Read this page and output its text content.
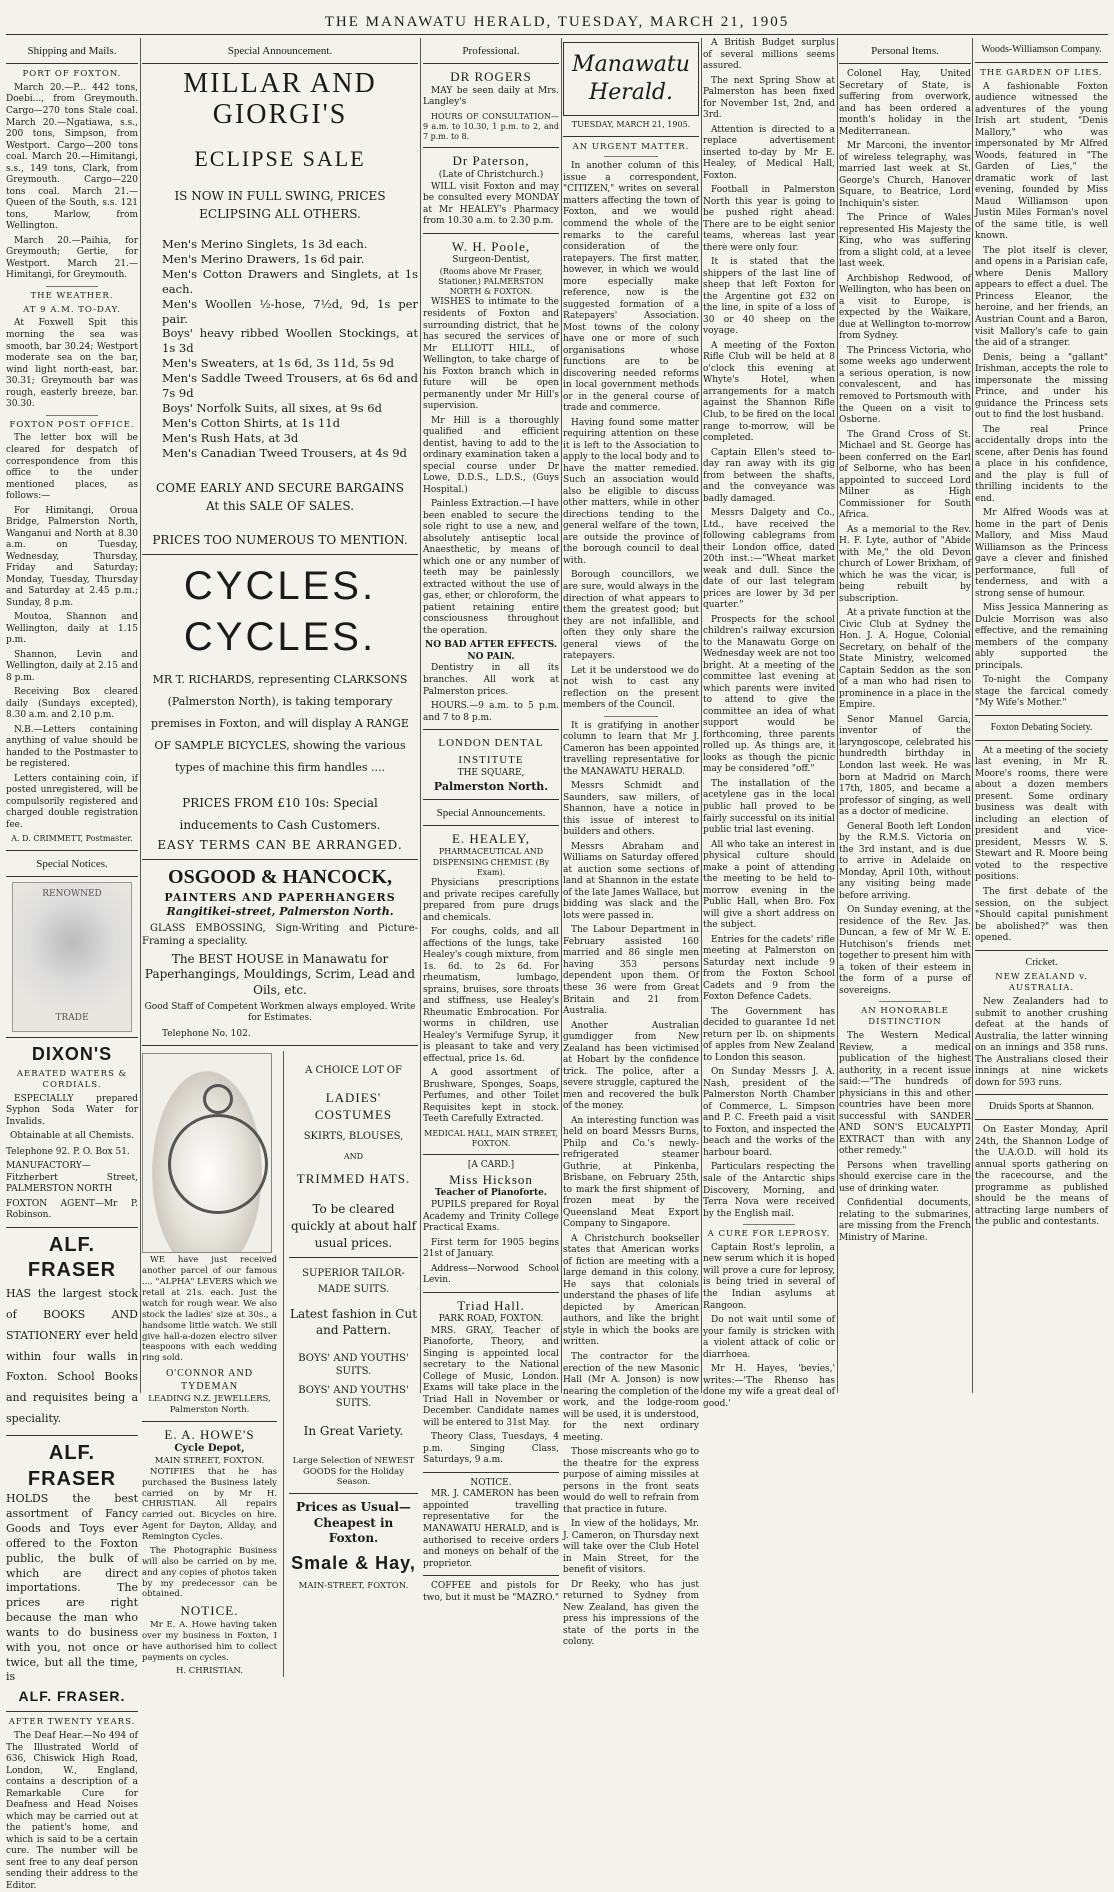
THE MANAWATU HERALD, TUESDAY, MARCH 21, 1905
Shipping and Mails.
PORT OF FOXTON.

March 20.—P... 442 tons, Doebi..., from Greymouth. Cargo—270 tons Stale coal. March 20.—Ngatiawa, s.s., 200 tons, Simpson, from Westport. Cargo—200 tons coal. March 20.—Himitangi, s.s., 149 tons, Clark, from Greymouth. Cargo—220 tons coal. March 21.—Queen of the South, s.s. 121 tons, Marlow, from Wellington.

March 20.—Paihia, for Greymouth; Gertie, for Westport. March 21.—Himitangi, for Greymouth.

THE WEATHER.
AT 9 A.M. TO-DAY.

At Foxwell Spit this morning the sea was smooth, bar 30.24; Westport moderate sea on the bar, wind light north-east, bar. 30.31; Greymouth bar was rough, easterly breeze, bar. 30.30.

FOXTON POST OFFICE.

The letter box will be cleared for despatch of correspondence from this office to the under mentioned places, as follows:—

For Himitangi, Oroua Bridge, Palmerston North, Wanganui and North at 8.30 a.m. on Tuesday, Wednesday, Thursday, Friday and Saturday; Monday, Tuesday, Thursday and Saturday at 2.45 p.m.; Sunday, 8 p.m.

Moutoa, Shannon and Wellington, daily at 1.15 p.m.

Shannon, Levin and Wellington, daily at 2.15 and 8 p.m.

Receiving Box cleared daily (Sundays excepted), 8.30 a.m. and 2.10 p.m.

N.B.—Letters containing anything of value should be handed to the Postmaster to be registered.

Letters containing coin, if posted unregistered, will be compulsorily registered and charged double registration fee.

A. D. CRIMMETT, Postmaster.
Special Notices.
RENOWNED
TRADE
DIXON'S
AERATED WATERS & CORDIALS.

ESPECIALLY prepared Syphon Soda Water for Invalids.

Obtainable at all Chemists.
Telephone 92. P. O. Box 51.
MANUFACTORY—Fitzherbert Street, PALMERSTON NORTH
FOXTON AGENT—Mr P. Robinson.
ALF. FRASER

HAS the largest stock of BOOKS AND STATIONERY ever held within four walls in Foxton. School Books and requisites being a speciality.

ALF. FRASER

HOLDS the best assortment of Fancy Goods and Toys ever offered to the Foxton public, the bulk of which are direct importations. The prices are right because the man who wants to do business with you, not once or twice, but all the time, is

ALF. FRASER.
AFTER TWENTY YEARS.

The Deaf Hear.—No 494 of The Illustrated World of 636, Chiswick High Road, London, W., England, contains a description of a Remarkable Cure for Deafness and Head Noises which may be carried out at the patient's home, and which is said to be a certain cure. The number will be sent free to any deaf person sending their address to the Editor.

Special Announcement.
MILLAR AND GIORGI'S
ECLIPSE SALE
IS NOW IN FULL SWING, PRICES ECLIPSING ALL OTHERS.
Men's Merino Singlets, 1s 3d each.
Men's Merino Drawers, 1s 6d pair.
Men's Cotton Drawers and Singlets, at 1s each.
Men's Woollen ½-hose, 7½d, 9d, 1s per pair.
Boys' heavy ribbed Woollen Stockings, at 1s 3d
Men's Sweaters, at 1s 6d, 3s 11d, 5s 9d
Men's Saddle Tweed Trousers, at 6s 6d and 7s 9d
Boys' Norfolk Suits, all sixes, at 9s 6d
Men's Cotton Shirts, at 1s 11d
Men's Rush Hats, at 3d
Men's Canadian Tweed Trousers, at 4s 9d
COME EARLY AND SECURE BARGAINS
At this SALE OF SALES.
PRICES TOO NUMEROUS TO MENTION.
CYCLES. CYCLES.
MR T. RICHARDS, representing CLARKSONS (Palmerston North), is taking temporary premises in Foxton, and will display A RANGE OF SAMPLE BICYCLES, showing the various types of machine this firm handles ....
PRICES FROM £10 10s: Special inducements to Cash Customers.
EASY TERMS CAN BE ARRANGED.
OSGOOD & HANCOCK,
PAINTERS AND PAPERHANGERS
Rangitikei-street, Palmerston North.

GLASS EMBOSSING, Sign-Writing and Picture-Framing a speciality.

The BEST HOUSE in Manawatu for Paperhangings, Mouldings, Scrim, Lead and Oils, etc.
Good Staff of Competent Workmen always employed. Write for Estimates.
Telephone No. 102.

WE have just received another parcel of our famous .... "ALPHA" LEVERS which we retail at 21s. each. Just the watch for rough wear. We also stock the ladies' size at 30s., a handsome little watch. We still give hall-a-dozen electro silver teaspoons with each wedding ring sold.

O'CONNOR AND TYDEMAN
LEADING N.Z. JEWELLERS, Palmerston North.
E. A. HOWE'S
Cycle Depot,
MAIN STREET, FOXTON.

NOTIFIES that he has purchased the Business lately carried on by Mr H. CHRISTIAN. All repairs carried out. Bicycles on hire. Agent for Dayton, Allday, and Remington Cycles.

The Photographic Business will also be carried on by me, and any copies of photos taken by my predecessor can be obtained.

NOTICE.

Mr E. A. Howe having taken over my business in Foxton, I have authorised him to collect payments on cycles.

H. CHRISTIAN.
A CHOICE LOT OF
LADIES' COSTUMES
SKIRTS, BLOUSES,
AND
TRIMMED HATS.
To be cleared quickly at about half usual prices.
SUPERIOR TAILOR-MADE SUITS.
Latest fashion in Cut and Pattern.
BOYS' AND YOUTHS' SUITS.
BOYS' AND YOUTHS' SUITS.
In Great Variety.
Large Selection of NEWEST GOODS for the Holiday Season.
Prices as Usual—
Cheapest in Foxton.
Smale & Hay,
MAIN-STREET, FOXTON.
Professional.
DR ROGERS

MAY be seen daily at Mrs. Langley's

HOURS OF CONSULTATION—9 a.m. to 10.30, 1 p.m. to 2, and 7 p.m. to 8.

Dr Paterson,
(Late of Christchurch.)

WILL visit Foxton and may be consulted every MONDAY at Mr HEALEY's Pharmacy from 10.30 a.m. to 2.30 p.m.

W. H. Poole,
Surgeon-Dentist,
(Rooms above Mr Fraser, Stationer.) PALMERSTON NORTH & FOXTON.

WISHES to intimate to the residents of Foxton and surrounding district, that he has secured the services of Mr ELLIOTT HILL, of Wellington, to take charge of his Foxton branch which in future will be open permanently under Mr Hill's supervision.

Mr Hill is a thoroughly qualified and efficient dentist, having to add to the ordinary examination taken a special course under Dr Lowe, D.D.S., L.D.S., (Guys Hospital.)

Painless Extraction.—I have been enabled to secure the sole right to use a new, and absolutely antiseptic local Anaesthetic, by means of which one or any number of teeth may be painlessly extracted without the use of gas, ether, or chloroform, the patient retaining entire consciousness throughout the operation.

NO BAD AFTER EFFECTS. NO PAIN.

Dentistry in all its branches. All work at Palmerston prices.

HOURS.—9 a.m. to 5 p.m. and 7 to 8 p.m.

LONDON DENTAL INSTITUTE
THE SQUARE,
Palmerston North.
Special Announcements.
E. HEALEY,
PHARMACEUTICAL AND DISPENSING CHEMIST. (By Exam).

Physicians prescriptions and private recipes carefully prepared from pure drugs and chemicals.

For coughs, colds, and all affections of the lungs, take Healey's cough mixture, from 1s. 6d. to 2s 6d. For rheumatism, lumbago, sprains, bruises, sore throats and stiffness, use Healey's Rheumatic Embrocation. For worms in children, use Healey's Vermifuge Syrup, it is pleasant to take and very effectual, price 1s. 6d.

A good assortment of Brushware, Sponges, Soaps, Perfumes, and other Toilet Requisites kept in stock. Teeth Carefully Extracted.

MEDICAL HALL, MAIN STREET, FOXTON.
[A CARD.]
Miss Hickson
Teacher of Pianoforte.

PUPILS prepared for Royal Academy and Trinity College Practical Exams.

First term for 1905 begins 21st of January.

Address—Norwood School Levin.

Triad Hall.
PARK ROAD, FOXTON.

MRS. GRAY, Teacher of Pianoforte, Theory, and Singing is appointed local secretary to the National College of Music, London. Exams will take place in the Triad Hall in November or December. Candidate names will be entered to 31st May.

Theory Class, Tuesdays, 4 p.m. Singing Class, Saturdays, 9 a.m.

NOTICE.

MR. J. CAMERON has been appointed travelling representative for the MANAWATU HERALD, and is authorised to receive orders and moneys on behalf of the proprietor.

COFFEE and pistols for two, but it must be "MAZRO."

Manawatu Herald.
TUESDAY, MARCH 21, 1905.
AN URGENT MATTER.

In another column of this issue a correspondent, "CITIZEN," writes on several matters affecting the town of Foxton, and we would commend the whole of the remarks to the careful consideration of the ratepayers. The first matter, however, in which we would more especially make reference, now is the suggested formation of a Ratepayers' Association. Most towns of the colony have one or more of such organisations whose functions are to be discovering needed reforms in local government methods or in the general course of trade and commerce.

Having found some matter requiring attention on these it is left to the Association to apply to the local body and to have the matter remedied. Such an association would also be eligible to discuss other matters, while in other directions tending to the general welfare of the town, are outside the province of the borough council to deal with.

Borough councillors, we are sure, would always in the direction of what appears to them the greatest good; but they are not infallible, and often they only share the general views of the ratepayers.

Let it be understood we do not wish to cast any reflection on the present members of the Council.

It is gratifying in another column to learn that Mr J. Cameron has been appointed travelling representative for the MANAWATU HERALD.

Messrs Schmidt and Saunders, saw millers, of Shannon, have a notice in this issue of interest to builders and others.

Messrs Abraham and Williams on Saturday offered at auction some sections of land at Shannon in the estate of the late James Wallace, but bidding was slack and the lots were passed in.

The Labour Department in February assisted 160 married and 86 single men having 353 persons dependent upon them. Of these 36 were from Great Britain and 21 from Australia.

Another Australian gumdigger from New Zealand has been victimised at Hobart by the confidence trick. The police, after a severe struggle, captured the men and recovered the bulk of the money.

An interesting function was held on board Messrs Burns, Philp and Co.'s newly-refrigerated steamer Guthrie, at Pinkenba, Brisbane, on February 25th, to mark the first shipment of frozen meat by the Queensland Meat Export Company to Singapore.

A Christchurch bookseller states that American works of fiction are meeting with a large demand in this colony. He says that colonials understand the phases of life depicted by American authors, and like the bright style in which the books are written.

The contractor for the erection of the new Masonic Hall (Mr A. Jonson) is now nearing the completion of the work, and the lodge-room will be used, it is understood, for the next ordinary meeting.

Those miscreants who go to the theatre for the express purpose of aiming missiles at persons in the front seats would do well to refrain from that practice in future.

In view of the holidays, Mr. J. Cameron, on Thursday next will take over the Club Hotel in Main Street, for the benefit of visitors.

Dr Reeky, who has just returned to Sydney from New Zealand, has given the press his impressions of the state of the ports in the colony.

A British Budget surplus of several millions seems assured.

The next Spring Show at Palmerston has been fixed for November 1st, 2nd, and 3rd.

Attention is directed to a replace advertisement inserted to-day by Mr E. Healey, of Medical Hall, Foxton.

Football in Palmerston North this year is going to be pushed right ahead. There are to be eight senior teams, whereas last year there were only four.

It is stated that the shippers of the last line of sheep that left Foxton for the Argentine got £32 on the line, in spite of a loss of 30 or 40 sheep on the voyage.

A meeting of the Foxton Rifle Club will be held at 8 o'clock this evening at Whyte's Hotel, when arrangements for a match against the Shannon Rifle Club, to be fired on the local range to-morrow, will be completed.

Captain Ellen's steed to-day ran away with its gig from between the shafts, and the conveyance was badly damaged.

Messrs Dalgety and Co., Ltd., have received the following cablegrams from their London office, dated 20th inst.:—"Wheat market weak and dull. Since the date of our last telegram prices are lower by 3d per quarter."

Prospects for the school children's railway excursion to the Manawatu Gorge on Wednesday week are not too bright. At a meeting of the committee last evening at which parents were invited to attend to give the committee an idea of what support would be forthcoming, three parents rolled up. As things are, it looks as though the picnic may be considered "off."

The installation of the acetylene gas in the local public hall proved to be fairly successful on its initial public trial last evening.

All who take an interest in physical culture should make a point of attending the meeting to be held to-morrow evening in the Public Hall, when Bro. Fox will give a short address on the subject.

Entries for the cadets' rifle meeting at Palmerston on Saturday next include 9 from the Foxton School Cadets and 9 from the Foxton Defence Cadets.

The Government has decided to guarantee 1d net return per lb. on shipments of apples from New Zealand to London this season.

On Sunday Messrs J. A. Nash, president of the Palmerston North Chamber of Commerce, L. Simpson and P. C. Freeth paid a visit to Foxton, and inspected the beach and the works of the harbour board.

Particulars respecting the sale of the Antarctic ships Discovery, Morning, and Terra Nova were received by the English mail.

A CURE FOR LEPROSY.

Captain Rost's leprolin, a new serum which it is hoped will prove a cure for leprosy, is being tried in several of the Indian asylums at Rangoon.

Do not wait until some of your family is stricken with a violent attack of colic or diarrhoea.

Mr H. Hayes, 'bevies,' writes:—'The Rhenso has done my wife a great deal of good.'

Personal Items.

Colonel Hay, United Secretary of State, is suffering from overwork, and has been ordered a month's holiday in the Mediterranean.

Mr Marconi, the inventor of wireless telegraphy, was married last week at St. George's Church, Hanover Square, to Beatrice, Lord Inchiquin's sister.

The Prince of Wales represented His Majesty the King, who was suffering from a slight cold, at a levee last week.

Archbishop Redwood, of Wellington, who has been on a visit to Europe, is expected by the Waikare, due at Wellington to-morrow from Sydney.

The Princess Victoria, who some weeks ago underwent a serious operation, is now convalescent, and has removed to Portsmouth with the Queen on a visit to Osborne.

The Grand Cross of St. Michael and St. George has been conferred on the Earl of Selborne, who has been appointed to succeed Lord Milner as High Commissioner for South Africa.

As a memorial to the Rev. H. F. Lyte, author of "Abide with Me," the old Devon church of Lower Brixham, of which he was the vicar, is being rebuilt by subscription.

At a private function at the Civic Club at Sydney the Hon. J. A. Hogue, Colonial Secretary, on behalf of the State Ministry, welcomed Captain Seddon as the son of a man who had risen to prominence in a place in the Empire.

Senor Manuel Garcia, inventor of the laryngoscope, celebrated his hundredth birthday in London last week. He was born at Madrid on March 17th, 1805, and became a professor of singing, as well as a doctor of medicine.

General Booth left London by the R.M.S. Victoria on the 3rd instant, and is due to arrive in Adelaide on Monday, April 10th, without any visiting being made before arriving.

On Sunday evening, at the residence of the Rev. Jas. Duncan, a few of Mr W. E. Hutchison's friends met together to present him with a token of their esteem in the form of a purse of sovereigns.

AN HONORABLE DISTINCTION

The Western Medical Review, a medical publication of the highest authority, in a recent issue said:—"The hundreds of physicians in this and other countries have been more successful with SANDER AND SON'S EUCALYPTI EXTRACT than with any other remedy."

Persons when travelling should exercise care in the use of drinking water.

Confidential documents, relating to the submarines, are missing from the French Ministry of Marine.

Woods-Williamson Company.
THE GARDEN OF LIES.

A fashionable Foxton audience witnessed the adventures of the young Irish art student, "Denis Mallory," who was impersonated by Mr Alfred Woods, featured in "The Garden of Lies," the dramatic work of last evening, founded by Miss Maud Williamson upon Justin Miles Forman's novel of the same title, is well known.

The plot itself is clever, and opens in a Parisian cafe, where Denis Mallory appears to effect a duel. The Princess Eleanor, the heroine, and her friends, an Austrian Count and a Baron, visit Mallory's cafe to gain the aid of a stranger.

Denis, being a "gallant" Irishman, accepts the role to impersonate the missing Prince, and under his guidance the Princess sets out to find the lost husband.

The real Prince accidentally drops into the scene, after Denis has found a place in his confidence, and the play is full of thrilling incidents to the end.

Mr Alfred Woods was at home in the part of Denis Mallory, and Miss Maud Williamson as the Princess gave a clever and finished performance, full of tenderness, and with a strong sense of humour.

Miss Jessica Mannering as Dulcie Morrison was also effective, and the remaining members of the company ably supported the principals.

To-night the Company stage the farcical comedy "My Wife's Mother."

Foxton Debating Society.

At a meeting of the society last evening, in Mr R. Moore's rooms, there were about a dozen members present. Some ordinary business was dealt with including an election of president and vice-president, Messrs W. S. Stewart and R. Moore being voted to the respective positions.

The first debate of the session, on the subject "Should capital punishment be abolished?" was then opened.

Cricket.
NEW ZEALAND v. AUSTRALIA.

New Zealanders had to submit to another crushing defeat at the hands of Australia, the latter winning on an innings and 358 runs. The Australians closed their innings at nine wickets down for 593 runs.

Druids Sports at Shannon.

On Easter Monday, April 24th, the Shannon Lodge of the U.A.O.D. will hold its annual sports gathering on the racecourse, and the programme as published should be the means of attracting large numbers of the public and contestants.
